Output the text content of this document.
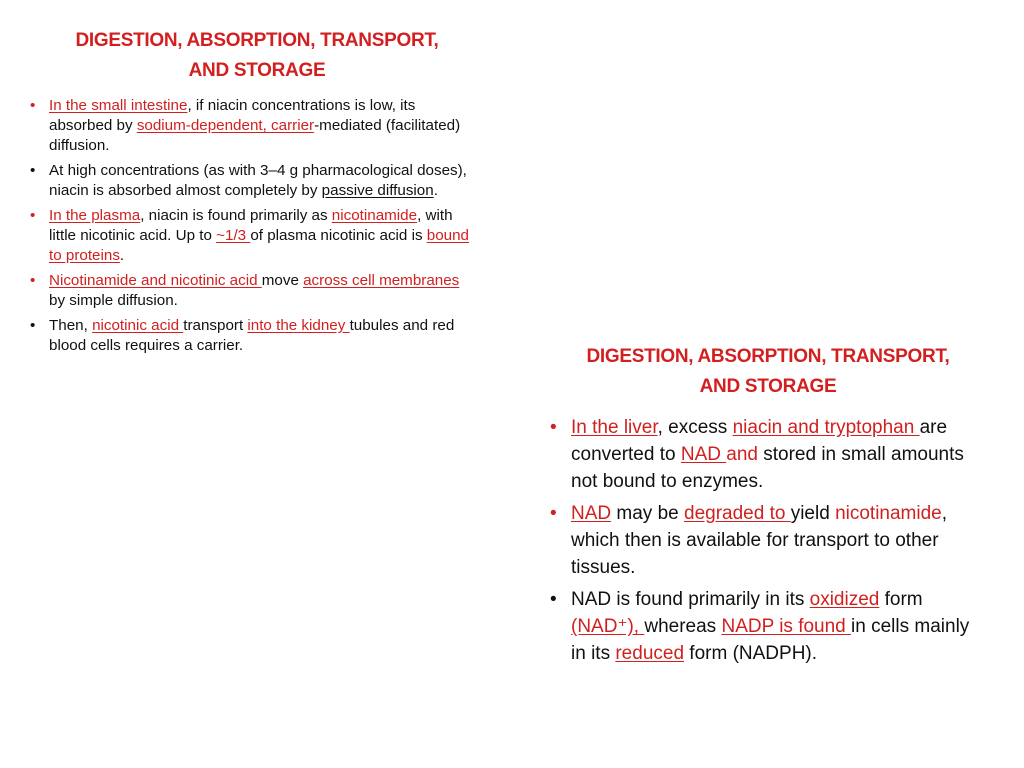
DIGESTION, ABSORPTION, TRANSPORT,
AND STORAGE
• In the small intestine, if niacin concentrations is low, its absorbed by sodium-dependent, carrier-mediated (facilitated) diffusion.
• At high concentrations (as with 3–4 g pharmacological doses), niacin is absorbed almost completely by passive diffusion.
• In the plasma, niacin is found primarily as nicotinamide, with little nicotinic acid. Up to ~1/3 of plasma nicotinic acid is bound to proteins.
• Nicotinamide and nicotinic acid move across cell membranes by simple diffusion.
• Then, nicotinic acid transport into the kidney tubules and red blood cells requires a carrier.
DIGESTION, ABSORPTION, TRANSPORT,
AND STORAGE
• In the liver, excess niacin and tryptophan are converted to NAD and stored in small amounts not bound to enzymes.
• NAD may be degraded to yield nicotinamide, which then is available for transport to other tissues.
• NAD is found primarily in its oxidized form (NAD⁺), whereas NADP is found in cells mainly in its reduced form (NADPH).
